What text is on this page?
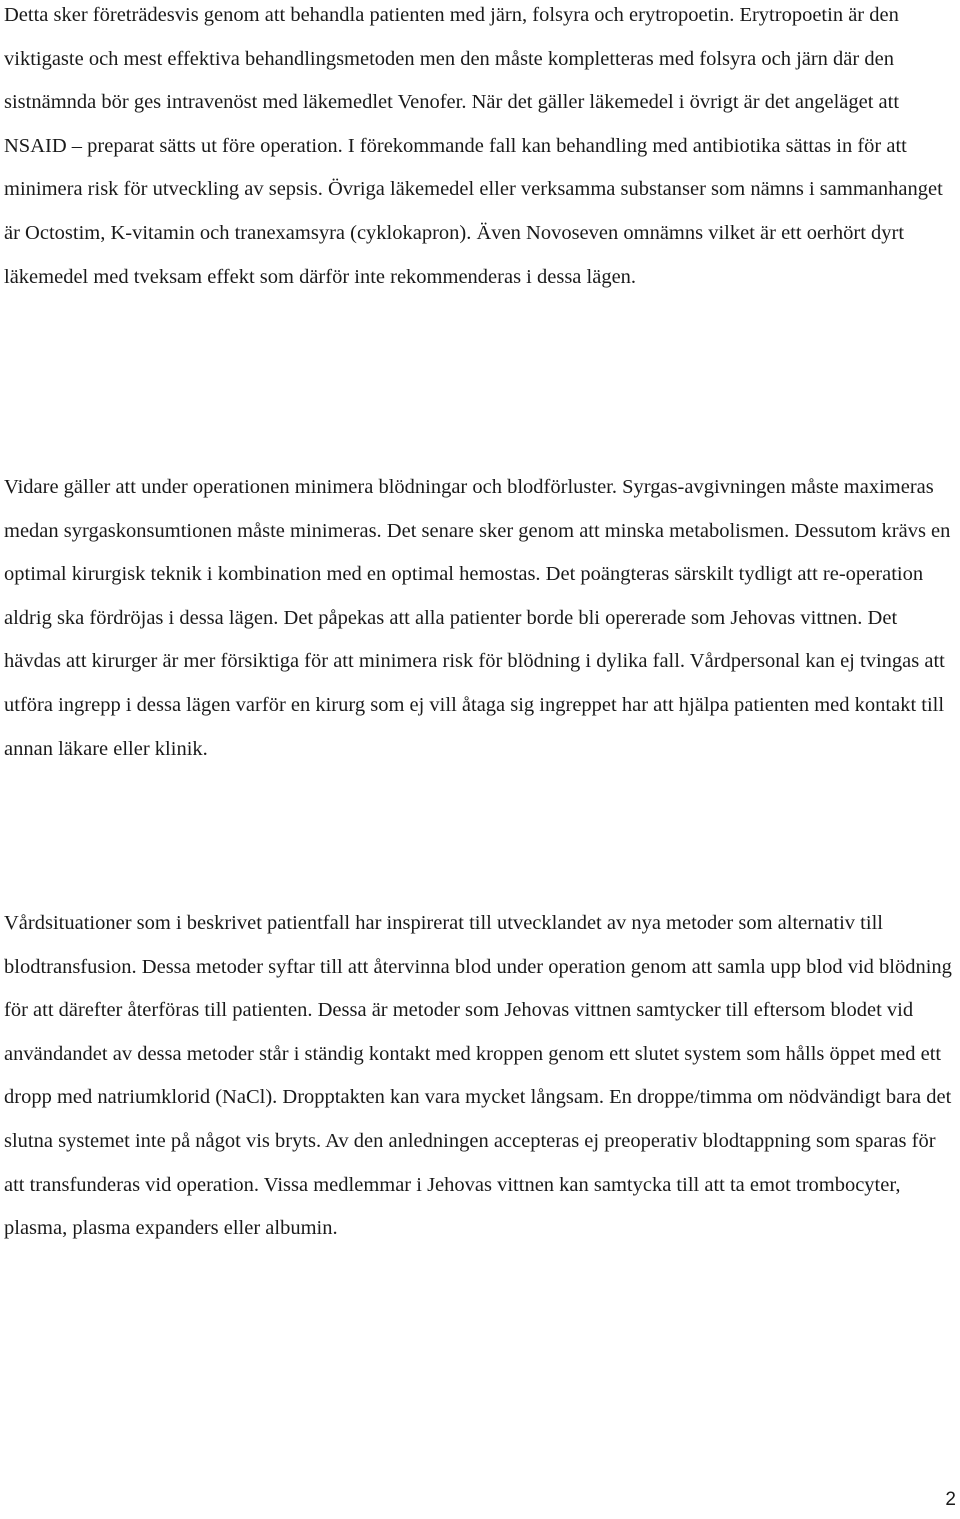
Detta sker företrädesvis genom att behandla patienten med järn, folsyra och erytropoetin. Erytropoetin är den viktigaste och mest effektiva behandlingsmetoden men den måste kompletteras med folsyra och järn där den sistnämnda bör ges intravenöst med läkemedlet Venofer. När det gäller läkemedel i övrigt är det angeläget att NSAID – preparat sätts ut före operation. I förekommande fall kan behandling med antibiotika sättas in för att minimera risk för utveckling av sepsis. Övriga läkemedel eller verksamma substanser som nämns i sammanhanget är Octostim, K-vitamin och tranexamsyra (cyklokapron). Även Novoseven omnämns vilket är ett oerhört dyrt läkemedel med tveksam effekt som därför inte rekommenderas i dessa lägen.

Vidare gäller att under operationen minimera blödningar och blodförluster. Syrgas-avgivningen måste maximeras medan syrgaskonsumtionen måste minimeras. Det senare sker genom att minska metabolismen. Dessutom krävs en optimal kirurgisk teknik i kombination med en optimal hemostas. Det poängteras särskilt tydligt att re-operation aldrig ska fördröjas i dessa lägen. Det påpekas att alla patienter borde bli opererade som Jehovas vittnen. Det hävdas att kirurger är mer försiktiga för att minimera risk för blödning i dylika fall. Vårdpersonal kan ej tvingas att utföra ingrepp i dessa lägen varför en kirurg som ej vill åtaga sig ingreppet har att hjälpa patienten med kontakt till annan läkare eller klinik.

Vårdsituationer som i beskrivet patientfall har inspirerat till utvecklandet av nya metoder som alternativ till blodtransfusion. Dessa metoder syftar till att återvinna blod under operation genom att samla upp blod vid blödning för att därefter återföras till patienten. Dessa är metoder som Jehovas vittnen samtycker till eftersom blodet vid användandet av dessa metoder står i ständig kontakt med kroppen genom ett slutet system som hålls öppet med ett dropp med natriumklorid (NaCl). Dropptakten kan vara mycket långsam. En droppe/timma om nödvändigt bara det slutna systemet inte på något vis bryts. Av den anledningen accepteras ej preoperativ blodtappning som sparas för att transfunderas vid operation. Vissa medlemmar i Jehovas vittnen kan samtycka till att ta emot trombocyter, plasma, plasma expanders eller albumin.

2
